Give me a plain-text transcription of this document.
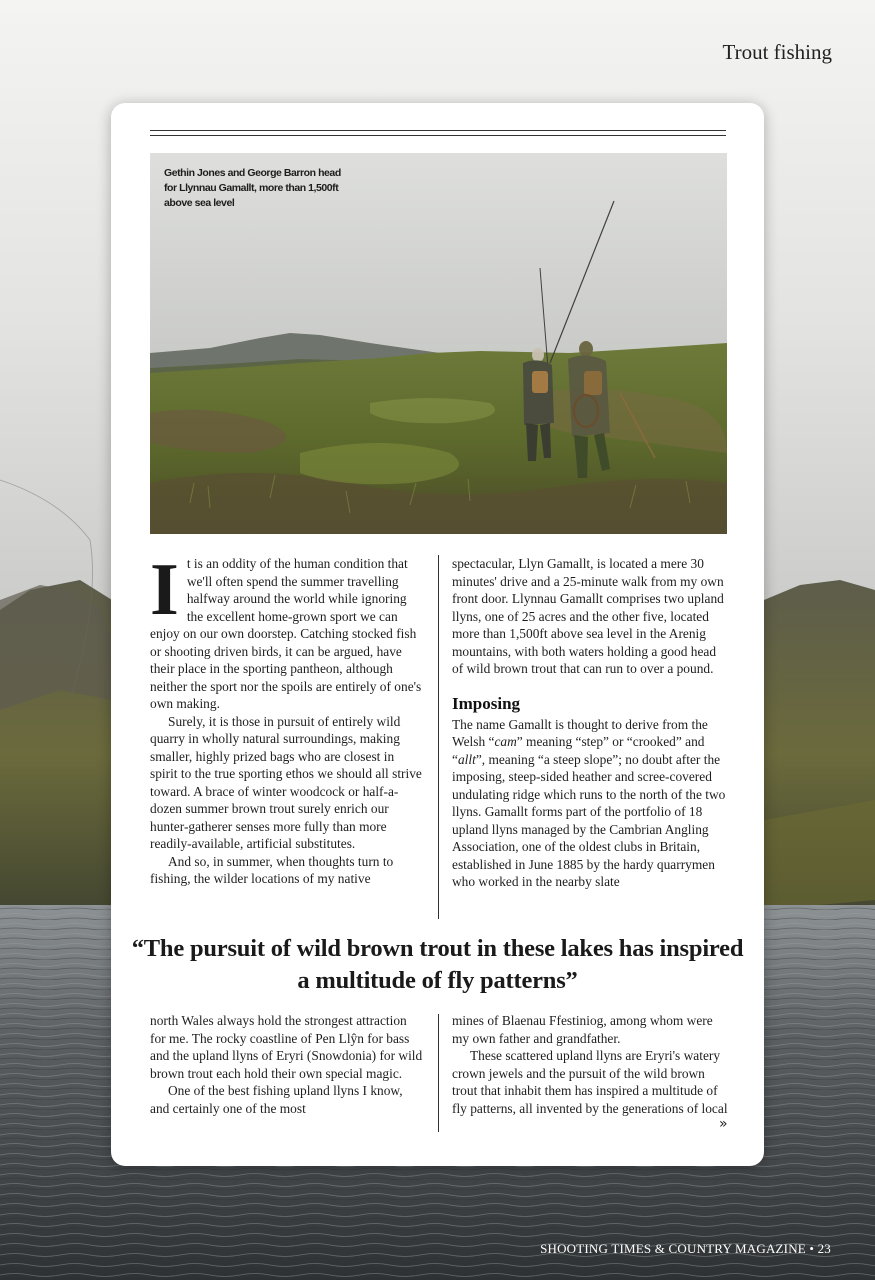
Trout fishing
Gethin Jones and George Barron head for Llynnau Gamallt, more than 1,500ft above sea level

It is an oddity of the human condition that we'll often spend the summer travelling halfway around the world while ignoring the excellent home-grown sport we can enjoy on our own doorstep. Catching stocked fish or shooting driven birds, it can be argued, have their place in the sporting pantheon, although neither the sport nor the spoils are entirely of one's own making.

Surely, it is those in pursuit of entirely wild quarry in wholly natural surroundings, making smaller, highly prized bags who are closest in spirit to the true sporting ethos we should all strive toward. A brace of winter woodcock or half-a-dozen summer brown trout surely enrich our hunter-gatherer senses more fully than more readily-available, artificial substitutes.

And so, in summer, when thoughts turn to fishing, the wilder locations of my native

spectacular, Llyn Gamallt, is located a mere 30 minutes' drive and a 25-minute walk from my own front door. Llynnau Gamallt comprises two upland llyns, one of 25 acres and the other five, located more than 1,500ft above sea level in the Arenig mountains, with both waters holding a good head of wild brown trout that can run to over a pound.

Imposing

The name Gamallt is thought to derive from the Welsh “cam” meaning “step” or “crooked” and “allt”, meaning “a steep slope”; no doubt after the imposing, steep-sided heather and scree-covered undulating ridge which runs to the north of the two llyns. Gamallt forms part of the portfolio of 18 upland llyns managed by the Cambrian Angling Association, one of the oldest clubs in Britain, established in June 1885 by the hardy quarrymen who worked in the nearby slate

“The pursuit of wild brown trout in these lakes has inspired a multitude of fly patterns”

north Wales always hold the strongest attraction for me. The rocky coastline of Pen Llŷn for bass and the upland llyns of Eryri (Snowdonia) for wild brown trout each hold their own special magic.

One of the best fishing upland llyns I know, and certainly one of the most

mines of Blaenau Ffestiniog, among whom were my own father and grandfather.

These scattered upland llyns are Eryri's watery crown jewels and the pursuit of the wild brown trout that inhabit them has inspired a multitude of fly patterns, all invented by the generations of local

»
SHOOTING TIMES & COUNTRY MAGAZINE • 23
